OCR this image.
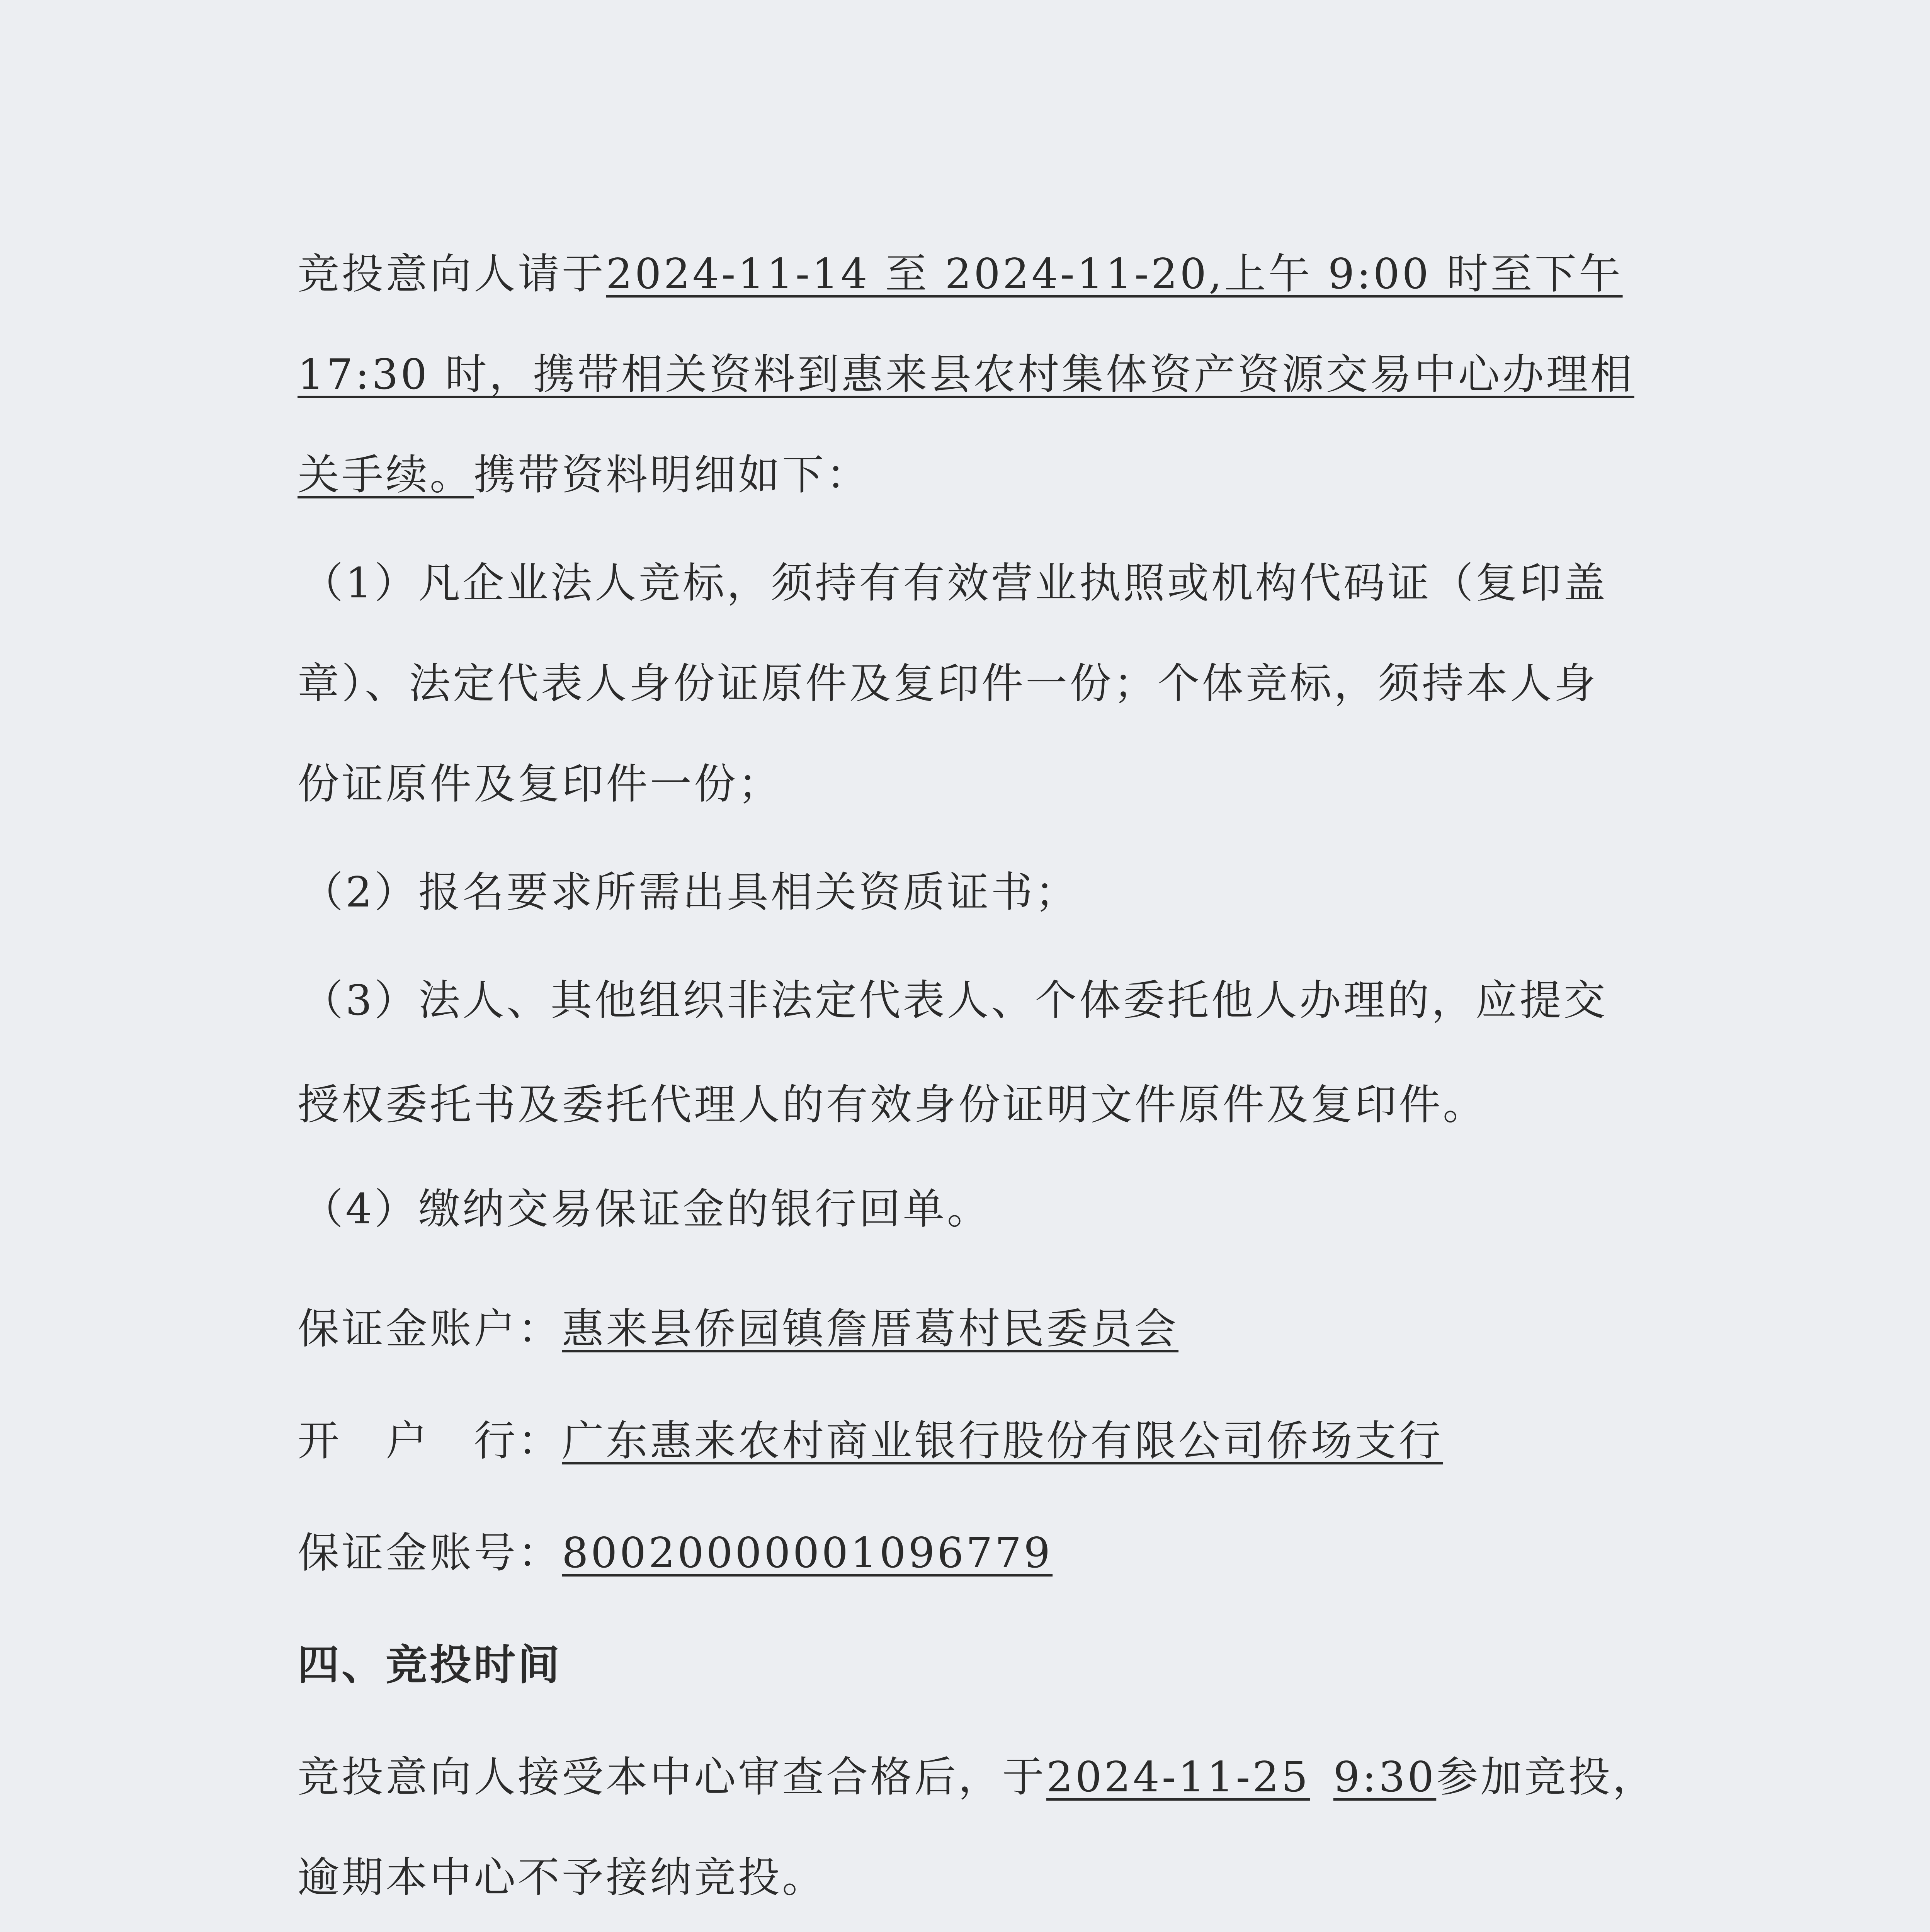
竞投意向人请于2024-11-14 至 2024-11-20,上午 9:00 时至下午
17:30 时，携带相关资料到惠来县农村集体资产资源交易中心办理相
关手续。携带资料明细如下：
（1）凡企业法人竞标，须持有有效营业执照或机构代码证（复印盖
章）、法定代表人身份证原件及复印件一份；个体竞标，须持本人身
份证原件及复印件一份；
（2）报名要求所需出具相关资质证书；
（3）法人、其他组织非法定代表人、个体委托他人办理的，应提交
授权委托书及委托代理人的有效身份证明文件原件及复印件。
（4）缴纳交易保证金的银行回单。
保证金账户：惠来县侨园镇詹厝葛村民委员会
开　户　行：广东惠来农村商业银行股份有限公司侨场支行
保证金账号：80020000001096779
四、竞投时间
竞投意向人接受本中心审查合格后，于2024-11-25 9:30参加竞投，
逾期本中心不予接纳竞投。
